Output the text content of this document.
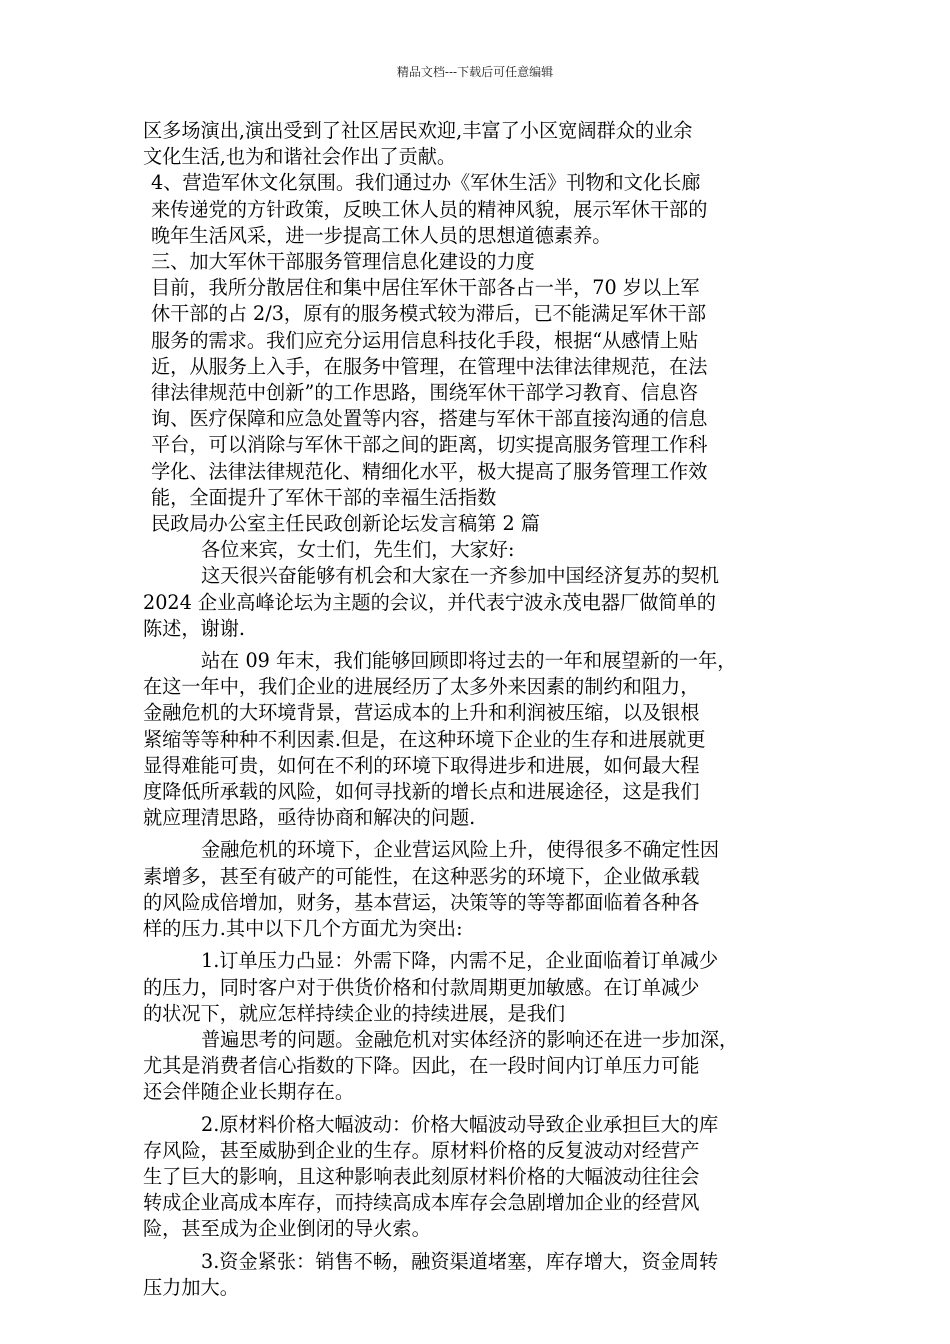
精品文档---下载后可任意编辑
区多场演出,演出受到了社区居民欢迎,丰富了小区宽阔群众的业余
文化生活,也为和谐社会作出了贡献。
4、营造军休文化氛围。我们通过办《军休生活》刊物和文化长廊
来传递党的方针政策，反映工休人员的精神风貌，展示军休干部的
晚年生活风采，进一步提高工休人员的思想道德素养。
三、加大军休干部服务管理信息化建设的力度
目前，我所分散居住和集中居住军休干部各占一半，70 岁以上军
休干部的占 2/3，原有的服务模式较为滞后，已不能满足军休干部
服务的需求。我们应充分运用信息科技化手段，根据“从感情上贴
近，从服务上入手，在服务中管理，在管理中法律法律规范，在法
律法律规范中创新”的工作思路，围绕军休干部学习教育、信息咨
询、医疗保障和应急处置等内容，搭建与军休干部直接沟通的信息
平台，可以消除与军休干部之间的距离，切实提高服务管理工作科
学化、法律法律规范化、精细化水平，极大提高了服务管理工作效
能，全面提升了军休干部的幸福生活指数
民政局办公室主任民政创新论坛发言稿第 2 篇
各位来宾，女士们，先生们，大家好:
这天很兴奋能够有机会和大家在一齐参加中国经济复苏的契机
2024 企业高峰论坛为主题的会议，并代表宁波永茂电器厂做简单的
陈述，谢谢.
站在 09 年末，我们能够回顾即将过去的一年和展望新的一年，
在这一年中，我们企业的进展经历了太多外来因素的制约和阻力，
金融危机的大环境背景，营运成本的上升和利润被压缩，以及银根
紧缩等等种种不利因素.但是，在这种环境下企业的生存和进展就更
显得难能可贵，如何在不利的环境下取得进步和进展，如何最大程
度降低所承载的风险，如何寻找新的增长点和进展途径，这是我们
就应理清思路，亟待协商和解决的问题.
金融危机的环境下，企业营运风险上升，使得很多不确定性因
素增多，甚至有破产的可能性，在这种恶劣的环境下，企业做承载
的风险成倍增加，财务，基本营运，决策等的等等都面临着各种各
样的压力.其中以下几个方面尤为突出:
1.订单压力凸显：外需下降，内需不足，企业面临着订单减少
的压力，同时客户对于供货价格和付款周期更加敏感。在订单减少
的状况下，就应怎样持续企业的持续进展，是我们
普遍思考的问题。金融危机对实体经济的影响还在进一步加深，
尤其是消费者信心指数的下降。因此，在一段时间内订单压力可能
还会伴随企业长期存在。
2.原材料价格大幅波动：价格大幅波动导致企业承担巨大的库
存风险，甚至威胁到企业的生存。原材料价格的反复波动对经营产
生了巨大的影响，且这种影响表此刻原材料价格的大幅波动往往会
转成企业高成本库存，而持续高成本库存会急剧增加企业的经营风
险，甚至成为企业倒闭的导火索。
3.资金紧张：销售不畅，融资渠道堵塞，库存增大，资金周转
压力加大。
